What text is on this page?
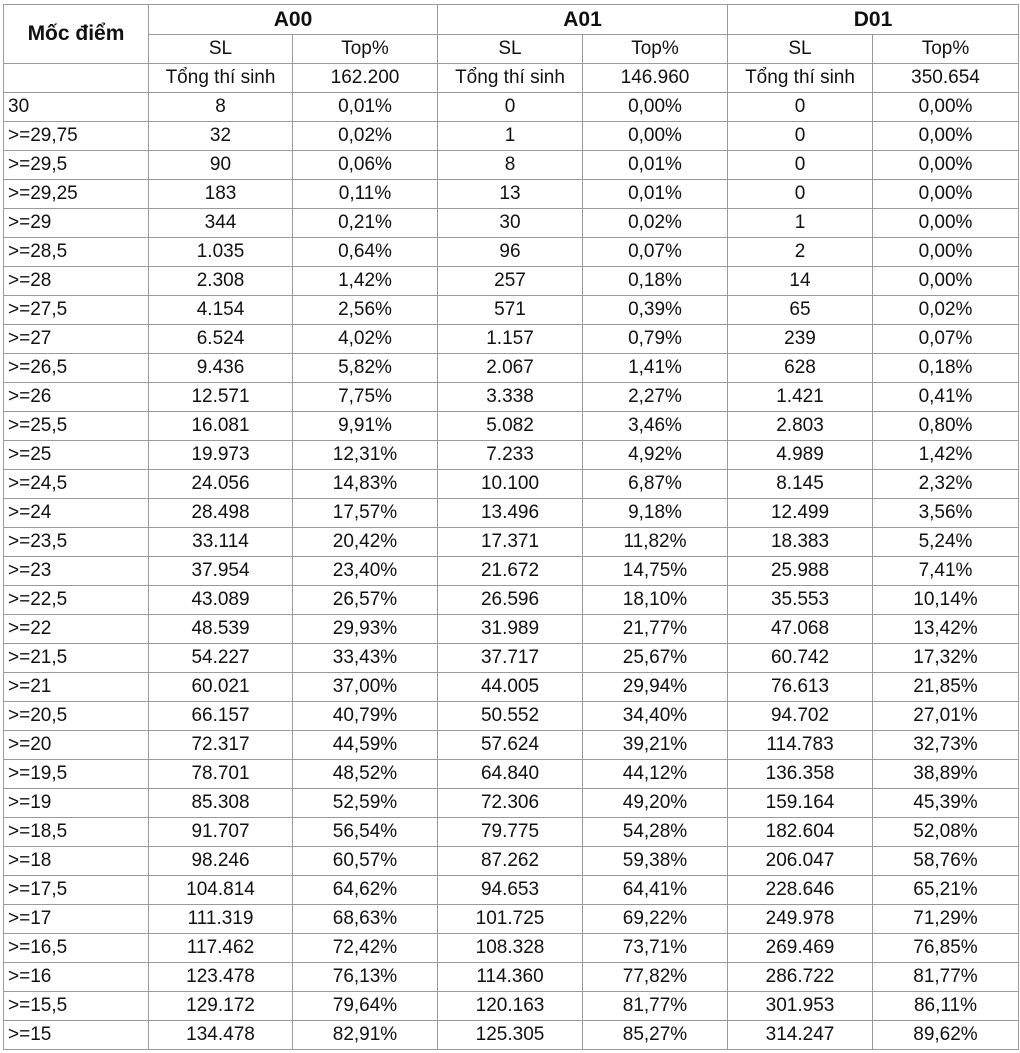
Mốc điểm	A00		A01		D01	
	SL	Top%	SL	Top%	SL	Top%
	Tổng thí sinh	162.200	Tổng thí sinh	146.960	Tổng thí sinh	350.654
30	8	0,01%	0	0,00%	0	0,00%
>=29,75	32	0,02%	1	0,00%	0	0,00%
>=29,5	90	0,06%	8	0,01%	0	0,00%
>=29,25	183	0,11%	13	0,01%	0	0,00%
>=29	344	0,21%	30	0,02%	1	0,00%
>=28,5	1.035	0,64%	96	0,07%	2	0,00%
>=28	2.308	1,42%	257	0,18%	14	0,00%
>=27,5	4.154	2,56%	571	0,39%	65	0,02%
>=27	6.524	4,02%	1.157	0,79%	239	0,07%
>=26,5	9.436	5,82%	2.067	1,41%	628	0,18%
>=26	12.571	7,75%	3.338	2,27%	1.421	0,41%
>=25,5	16.081	9,91%	5.082	3,46%	2.803	0,80%
>=25	19.973	12,31%	7.233	4,92%	4.989	1,42%
>=24,5	24.056	14,83%	10.100	6,87%	8.145	2,32%
>=24	28.498	17,57%	13.496	9,18%	12.499	3,56%
>=23,5	33.114	20,42%	17.371	11,82%	18.383	5,24%
>=23	37.954	23,40%	21.672	14,75%	25.988	7,41%
>=22,5	43.089	26,57%	26.596	18,10%	35.553	10,14%
>=22	48.539	29,93%	31.989	21,77%	47.068	13,42%
>=21,5	54.227	33,43%	37.717	25,67%	60.742	17,32%
>=21	60.021	37,00%	44.005	29,94%	76.613	21,85%
>=20,5	66.157	40,79%	50.552	34,40%	94.702	27,01%
>=20	72.317	44,59%	57.624	39,21%	114.783	32,73%
>=19,5	78.701	48,52%	64.840	44,12%	136.358	38,89%
>=19	85.308	52,59%	72.306	49,20%	159.164	45,39%
>=18,5	91.707	56,54%	79.775	54,28%	182.604	52,08%
>=18	98.246	60,57%	87.262	59,38%	206.047	58,76%
>=17,5	104.814	64,62%	94.653	64,41%	228.646	65,21%
>=17	111.319	68,63%	101.725	69,22%	249.978	71,29%
>=16,5	117.462	72,42%	108.328	73,71%	269.469	76,85%
>=16	123.478	76,13%	114.360	77,82%	286.722	81,77%
>=15,5	129.172	79,64%	120.163	81,77%	301.953	86,11%
>=15	134.478	82,91%	125.305	85,27%	314.247	89,62%
